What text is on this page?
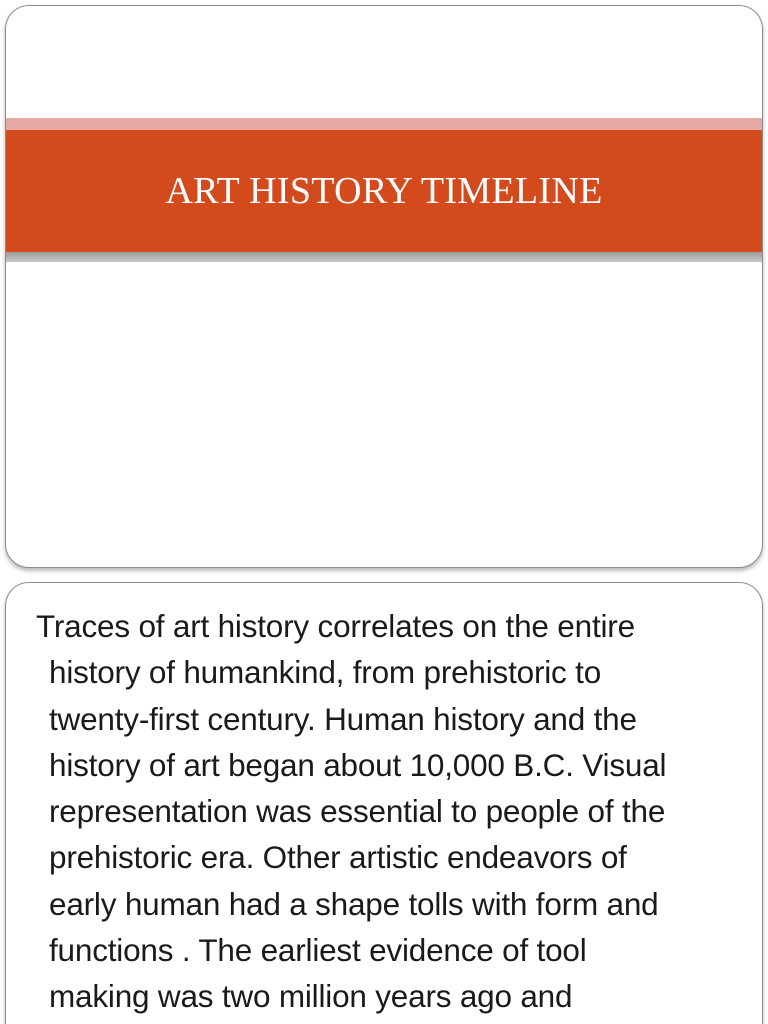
ART HISTORY TIMELINE

Traces of art history correlates on the entire
history of humankind, from prehistoric to
twenty-first century. Human history and the
history of art began about 10,000 B.C. Visual
representation was essential to people of the
prehistoric era. Other artistic endeavors of
early human had a shape tolls with form and
functions . The earliest evidence of tool
making was two million years ago and
